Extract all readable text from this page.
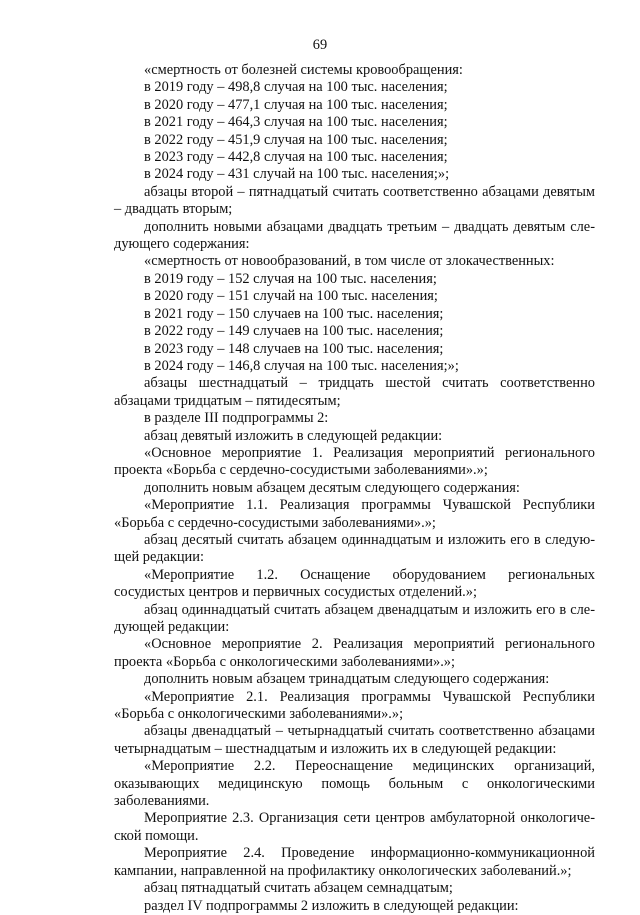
69

«смертность от болезней системы кровообращения:

в 2019 году – 498,8 случая на 100 тыс. населения;

в 2020 году – 477,1 случая на 100 тыс. населения;

в 2021 году – 464,3 случая на 100 тыс. населения;

в 2022 году – 451,9 случая на 100 тыс. населения;

в 2023 году – 442,8 случая на 100 тыс. населения;

в 2024 году – 431 случай на 100 тыс. населения;»;

абзацы второй – пятнадцатый считать соответственно абзацами девятым – двадцать вторым;

дополнить новыми абзацами двадцать третьим – двадцать девятым следующего содержания:

«смертность от новообразований, в том числе от злокачественных:

в 2019 году – 152 случая на 100 тыс. населения;

в 2020 году – 151 случай на 100 тыс. населения;

в 2021 году – 150 случаев на 100 тыс. населения;

в 2022 году – 149 случаев на 100 тыс. населения;

в 2023 году – 148 случаев на 100 тыс. населения;

в 2024 году – 146,8 случая на 100 тыс. населения;»;

абзацы шестнадцатый – тридцать шестой считать соответственно абзацами тридцатым – пятидесятым;

в разделе III подпрограммы 2:

абзац девятый изложить в следующей редакции:

«Основное мероприятие 1. Реализация мероприятий регионального проекта «Борьба с сердечно-сосудистыми заболеваниями».»;

дополнить новым абзацем десятым следующего содержания:

«Мероприятие 1.1. Реализация программы Чувашской Республики «Борьба с сердечно-сосудистыми заболеваниями».»;

абзац десятый считать абзацем одиннадцатым и изложить его в следующей редакции:

«Мероприятие 1.2. Оснащение оборудованием региональных сосудистых центров и первичных сосудистых отделений.»;

абзац одиннадцатый считать абзацем двенадцатым и изложить его в следующей редакции:

«Основное мероприятие 2. Реализация мероприятий регионального проекта «Борьба с онкологическими заболеваниями».»;

дополнить новым абзацем тринадцатым следующего содержания:

«Мероприятие 2.1. Реализация программы Чувашской Республики «Борьба с онкологическими заболеваниями».»;

абзацы двенадцатый – четырнадцатый считать соответственно абзацами четырнадцатым – шестнадцатым и изложить их в следующей редакции:

«Мероприятие 2.2. Переоснащение медицинских организаций, оказывающих медицинскую помощь больным с онкологическими заболеваниями.

Мероприятие 2.3. Организация сети центров амбулаторной онкологической помощи.

Мероприятие 2.4. Проведение информационно-коммуникационной кампании, направленной на профилактику онкологических заболеваний.»;

абзац пятнадцатый считать абзацем семнадцатым;

раздел IV подпрограммы 2 изложить в следующей редакции:
